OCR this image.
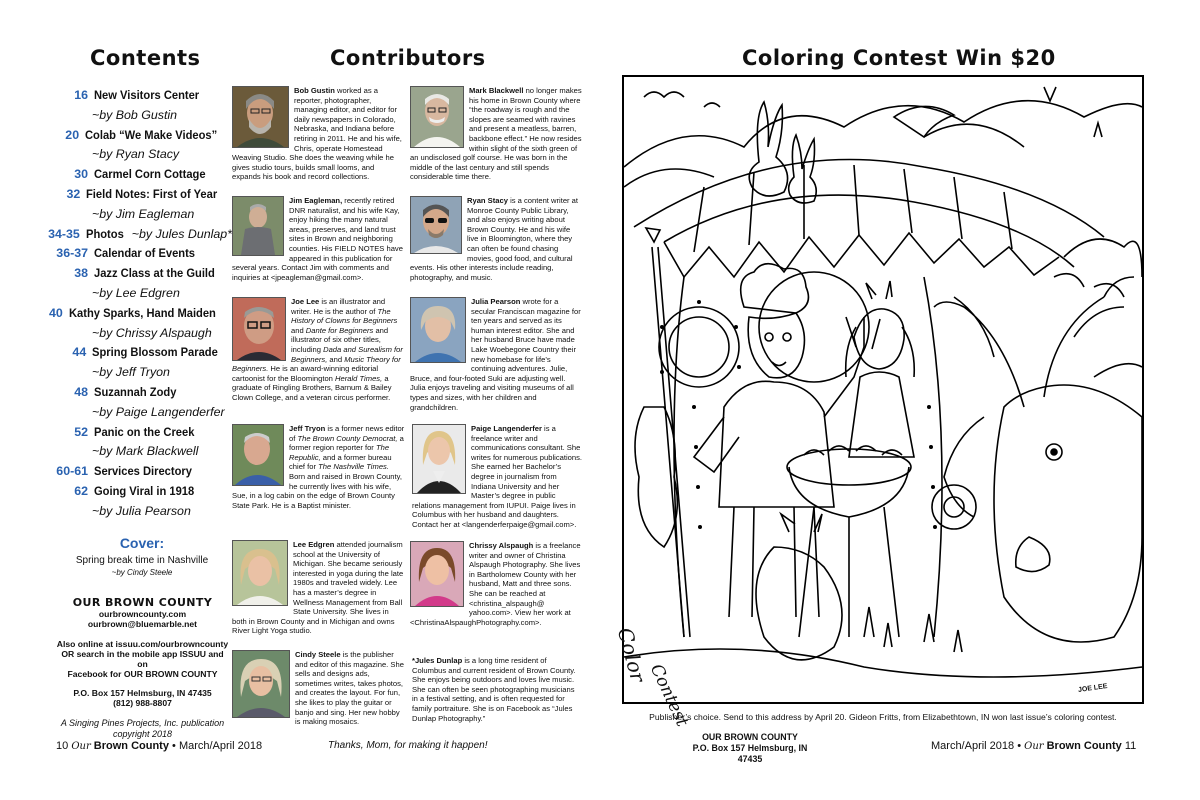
Contents
16 New Visitors Center
~by Bob Gustin
20 Colab “We Make Videos”
~by Ryan Stacy
30 Carmel Corn Cottage
32 Field Notes: First of Year
~by Jim Eagleman
34-35 Photos ~by Jules Dunlap*
36-37 Calendar of Events
38 Jazz Class at the Guild
~by Lee Edgren
40 Kathy Sparks, Hand Maiden
~by Chrissy Alspaugh
44 Spring Blossom Parade
~by Jeff Tryon
48 Suzannah Zody
~by Paige Langenderfer
52 Panic on the Creek
~by Mark Blackwell
60-61 Services Directory
62 Going Viral in 1918
~by Julia Pearson
Cover:
Spring break time in Nashville
~by Cindy Steele
OUR BROWN COUNTY
ourbrowncounty.com
ourbrown@bluemarble.net
Also online at issuu.com/ourbrowncounty
OR search in the mobile app ISSUU and on
Facebook for OUR BROWN COUNTY
P.O. Box 157 Helmsburg, IN 47435
(812) 988-8807
A Singing Pines Projects, Inc. publication
copyright 2018
Contributors

Bob Gustin worked as a reporter, photographer, managing editor, and editor for daily newspapers in Colorado, Nebraska, and Indiana before retiring in 2011. He and his wife, Chris, operate Homestead Weaving Studio. She does the weaving while he gives studio tours, builds small looms, and expands his book and record collections.

Mark Blackwell no longer makes his home in Brown County where “the roadway is rough and the slopes are seamed with ravines and present a meatless, barren, backbone effect.” He now resides within slight of the sixth green of an undisclosed golf course. He was born in the middle of the last century and still spends considerable time there.

Jim Eagleman, recently retired DNR naturalist, and his wife Kay, enjoy hiking the many natural areas, preserves, and land trust sites in Brown and neighboring counties. His FIELD NOTES have appeared in this publication for several years. Contact Jim with comments and inquiries at <jpeagleman@gmail.com>.

Ryan Stacy is a content writer at Monroe County Public Library, and also enjoys writing about Brown County. He and his wife live in Bloomington, where they can often be found chasing movies, good food, and cultural events. His other interests include reading, photography, and music.

Joe Lee is an illustrator and writer. He is the author of The History of Clowns for Beginners and Dante for Beginners and illustrator of six other titles, including Dada and Surealism for Beginners, and Music Theory for Beginners. He is an award-winning editorial cartoonist for the Bloomington Herald Times, a graduate of Ringling Brothers, Barnum & Bailey Clown College, and a veteran circus performer.

Julia Pearson wrote for a secular Franciscan magazine for ten years and served as its human interest editor. She and her husband Bruce have made Lake Woebegone Country their new homebase for life’s continuing adventures. Julie, Bruce, and four-footed Suki are adjusting well. Julia enjoys traveling and visiting museums of all types and sizes, with her children and grandchildren.

Jeff Tryon is a former news editor of The Brown County Democrat, a former region reporter for The Republic, and a former bureau chief for The Nashville Times. Born and raised in Brown County, he currently lives with his wife, Sue, in a log cabin on the edge of Brown County State Park. He is a Baptist minister.

Paige Langenderfer is a freelance writer and communications consultant. She writes for numerous publications. She earned her Bachelor’s degree in journalism from Indiana University and her Master’s degree in public relations management from IUPUI. Paige lives in Columbus with her husband and daughters. Contact her at <langenderferpaige@gmail.com>.

Lee Edgren attended journalism school at the University of Michigan. She became seriously interested in yoga during the late 1980s and traveled widely. Lee has a master’s degree in Wellness Management from Ball State University. She lives in both in Brown County and in Michigan and owns River Light Yoga studio.

Chrissy Alspaugh is a freelance writer and owner of Christina Alspaugh Photography. She lives in Bartholomew County with her husband, Matt and three sons. She can be reached at <christina_alspaugh@ yahoo.com>. View her work at <ChristinaAlspaughPhotography.com>.

Cindy Steele is the publisher and editor of this magazine. She sells and designs ads, sometimes writes, takes photos, and creates the layout. For fun, she likes to play the guitar or banjo and sing. Her new hobby is making mosaics.

*Jules Dunlap is a long time resident of Columbus and current resident of Brown County. She enjoys being outdoors and loves live music. She can often be seen photographing musicians in a festival setting, and is often requested for family portraiture. She is on Facebook as “Jules Dunlap Photography.”

Thanks, Mom, for making it happen!
Coloring Contest Win $20
Color
Contest	JOE LEE
Publisher’s choice. Send to this address by April 20. Gideon Fritts, from Elizabethtown, IN won last issue’s coloring contest.
10 Our Brown County • March/April 2018
OUR BROWN COUNTY
P.O. Box 157 Helmsburg, IN 47435
March/April 2018 • Our Brown County 11
